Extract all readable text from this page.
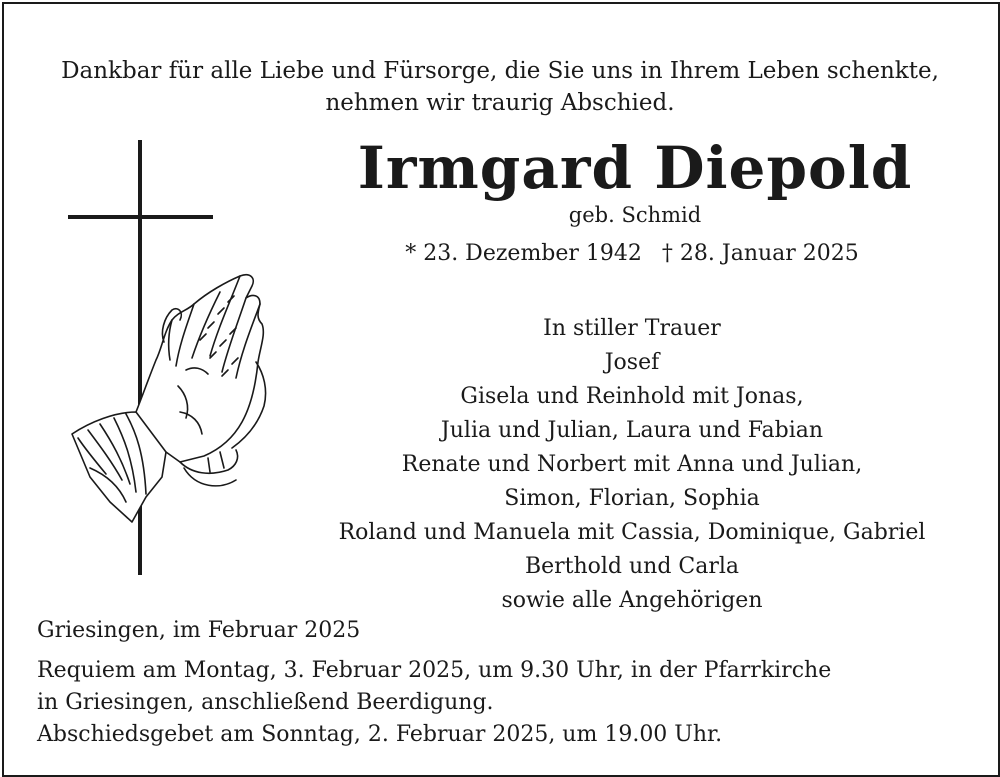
Dankbar für alle Liebe und Fürsorge, die Sie uns in Ihrem Leben schenkte,
nehmen wir traurig Abschied.
Irmgard Diepold
geb. Schmid
* 23. Dezember 1942 † 28. Januar 2025
In stiller Trauer
Josef
Gisela und Reinhold mit Jonas,
Julia und Julian, Laura und Fabian
Renate und Norbert mit Anna und Julian,
Simon, Florian, Sophia
Roland und Manuela mit Cassia, Dominique, Gabriel
Berthold und Carla
sowie alle Angehörigen
Griesingen, im Februar 2025
Requiem am Montag, 3. Februar 2025, um 9.30 Uhr, in der Pfarrkirche
in Griesingen, anschließend Beerdigung.
Abschiedsgebet am Sonntag, 2. Februar 2025, um 19.00 Uhr.
